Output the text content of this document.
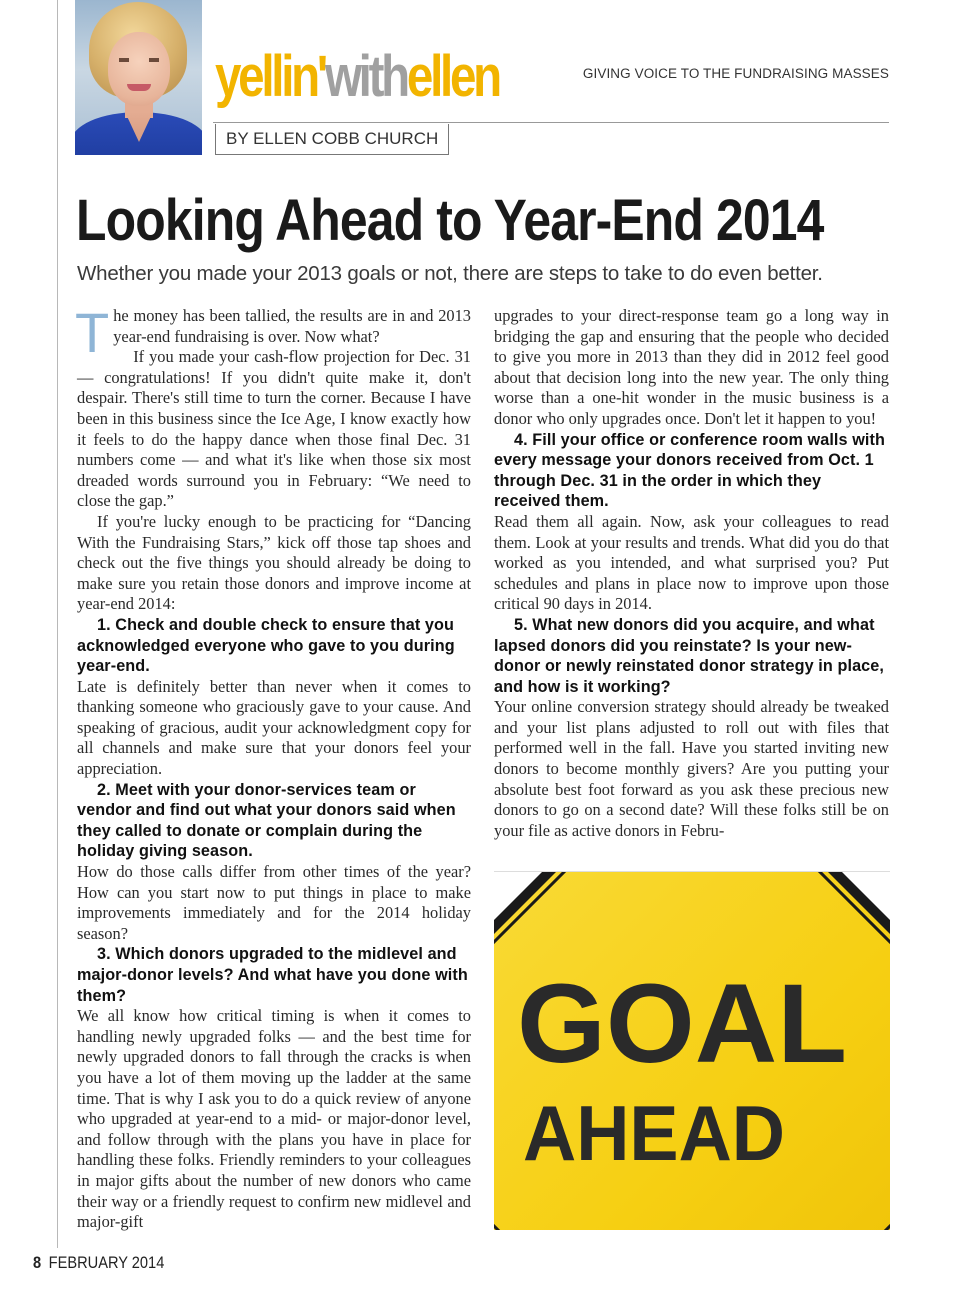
yellin'withellen	GIVING VOICE TO THE FUNDRAISING MASSES
BY ELLEN COBB CHURCH
Looking Ahead to Year-End 2014
Whether you made your 2013 goals or not, there are steps to take to do even better.

The money has been tallied, the results are in and 2013 year-end fundraising is over. Now what?

If you made your cash-flow projection for Dec. 31 — congratulations! If you didn't quite make it, don't despair. There's still time to turn the corner. Because I have been in this business since the Ice Age, I know exactly how it feels to do the happy dance when those final Dec. 31 numbers come — and what it's like when those six most dreaded words surround you in February: “We need to close the gap.”

If you're lucky enough to be practicing for “Dancing With the Fundraising Stars,” kick off those tap shoes and check out the five things you should already be doing to make sure you retain those donors and improve income at year-end 2014:

1. Check and double check to ensure that you acknowledged everyone who gave to you during year-end.

Late is definitely better than never when it comes to thanking someone who graciously gave to your cause. And speaking of gracious, audit your acknowledgment copy for all channels and make sure that your donors feel your appreciation.

2. Meet with your donor-services team or vendor and find out what your donors said when they called to donate or complain during the holiday giving season.

How do those calls differ from other times of the year? How can you start now to put things in place to make improvements immediately and for the 2014 holiday season?

3. Which donors upgraded to the midlevel and major-donor levels? And what have you done with them?

We all know how critical timing is when it comes to handling newly upgraded folks — and the best time for newly upgraded donors to fall through the cracks is when you have a lot of them moving up the ladder at the same time. That is why I ask you to do a quick review of anyone who upgraded at year-end to a mid- or major-donor level, and follow through with the plans you have in place for handling these folks. Friendly reminders to your colleagues in major gifts about the number of new donors who came their way or a friendly request to confirm new midlevel and major-gift

upgrades to your direct-response team go a long way in bridging the gap and ensuring that the people who decided to give you more in 2013 than they did in 2012 feel good about that decision long into the new year. The only thing worse than a one-hit wonder in the music business is a donor who only upgrades once. Don't let it happen to you!

4. Fill your office or conference room walls with every message your donors received from Oct. 1 through Dec. 31 in the order in which they received them.

Read them all again. Now, ask your colleagues to read them. Look at your results and trends. What did you do that worked as you intended, and what surprised you? Put schedules and plans in place now to improve upon those critical 90 days in 2014.

5. What new donors did you acquire, and what lapsed donors did you reinstate? Is your new-donor or newly reinstated donor strategy in place, and how is it working?

Your online conversion strategy should already be tweaked and your list plans adjusted to roll out with files that performed well in the fall. Have you started inviting new donors to become monthly givers? Are you putting your absolute best foot forward as you ask these precious new donors to go on a second date? Will these folks still be on your file as active donors in Febru-

GOAL
AHEAD
8 FEBRUARY 2014
